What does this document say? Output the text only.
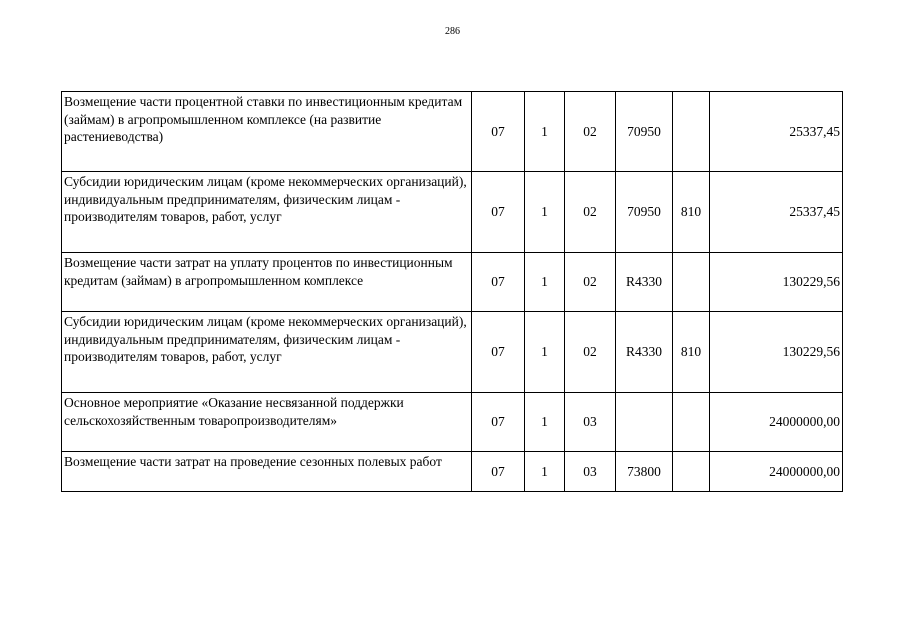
286
Возмещение части процентной ставки по инвестиционным кредитам (займам) в агропромышленном комплексе (на развитие растениеводства)	07	1	02	70950		25337,45
Субсидии юридическим лицам (кроме некоммерческих организаций), индивидуальным предпринимателям, физическим лицам - производителям товаров, работ, услуг	07	1	02	70950	810	25337,45
Возмещение части затрат на уплату процентов по инвестиционным кредитам (займам) в агропромышленном комплексе	07	1	02	R4330		130229,56
Субсидии юридическим лицам (кроме некоммерческих организаций), индивидуальным предпринимателям, физическим лицам - производителям товаров, работ, услуг	07	1	02	R4330	810	130229,56
Основное мероприятие «Оказание несвязанной поддержки сельскохозяйственным товаропроизводителям»	07	1	03			24000000,00
Возмещение части затрат на проведение сезонных полевых работ	07	1	03	73800		24000000,00
